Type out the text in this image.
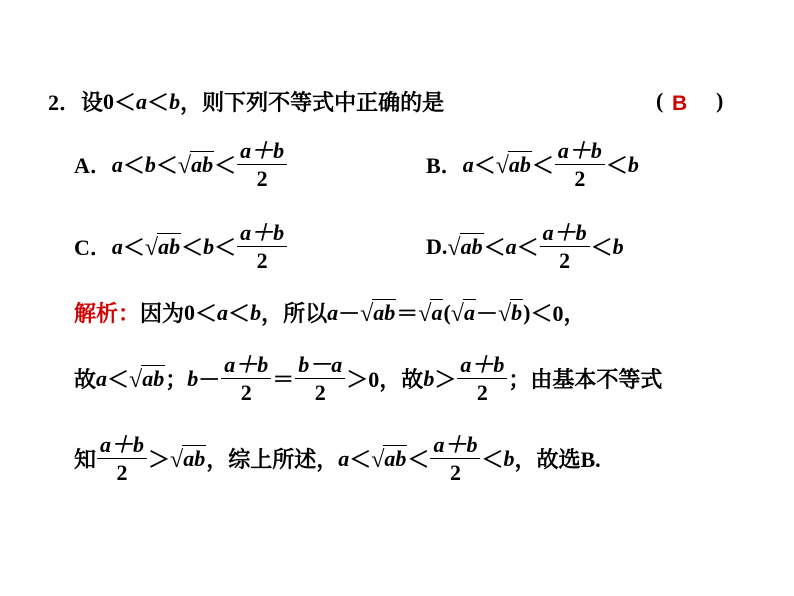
2． 设 0 ＜ a ＜ b ，则下列不等式中正确的是	( B )
A． a ＜ b ＜ √ ab ＜ $\frac{a+b}{2}$	B． a ＜ √ ab ＜ $\frac{a+b}{2} < b$
C． a ＜ √ ab ＜ $b < \frac{a+b}{2}$	D. √ ab ＜ $a < \frac{a+b}{2} < b$
解析： 因为 0 ＜ a ＜ b ，所以 a － √ ab ＝ √ a ( √ a － √ b ) ＜0，
故 a ＜ √ ab ； $b - \frac{a+b}{2} = \frac{b-a}{2} > 0$，故 $b > \frac{a+b}{2}$ ；由基本不等式
知 $\frac{a+b}{2}$ ＞ √ ab ，综上所述， a ＜ √ ab ＜ $\frac{a+b}{2} < b$ ，故选B.
